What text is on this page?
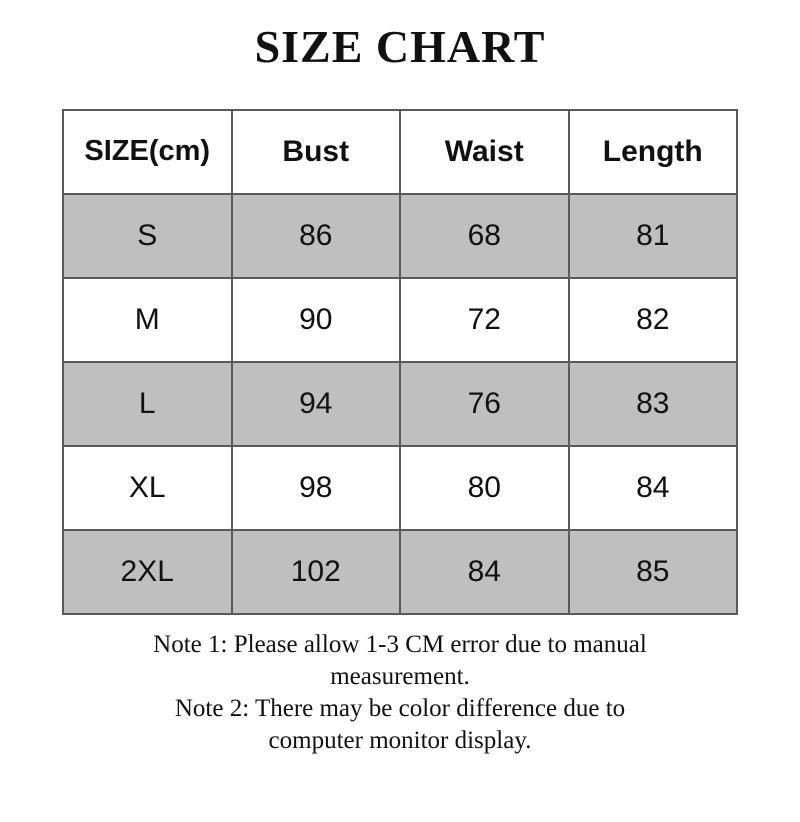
SIZE CHART
SIZE(cm)	Bust	Waist	Length
S	86	68	81
M	90	72	82
L	94	76	83
XL	98	80	84
2XL	102	84	85
Note 1: Please allow 1-3 CM error due to manual
measurement.
Note 2: There may be color difference due to
computer monitor display.
